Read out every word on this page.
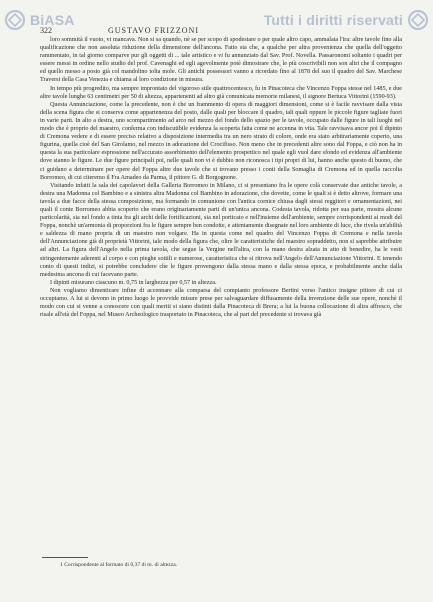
BiASA	Tutti i diritti riservati
322	GUSTAVO FRIZZONI

loro sommità il vuoto, vi mancava. Non si sa quando, nè se per scopo di spodestare o per quale altro capo, ammalata l'ira: altre tavole fino alla qualificazione che non assoluta riduzione della dimensione dell'ancona. Fatto sta che, a qualche per altra provenienza che quella dell'oggetto rammentato, in tal giorno comparve pur gli oggetti di ... tale artistico e vi fu annunziato dal Sav. Prof. Novella. Passaronomi soltanto i quadri per essere messi in ordine nello studio del prof. Cavenaghi ed egli agevolmente potè dimostrare che, le più coscrivibili non son altri che il compagno ed quello messo a posto già col mandolino tolta mole. Gli antichi possessori vanno a ricordato fino al 1878 del suo il quadro del Sav. Marchese Traversi della Casa Venezia e chiama al loro condizione in misura.

In tempo più progredito, ma sempre improntato del vigoroso stile quattrocentesco, fu in Pinacoteca che Vincenzo Foppa stesse nel 1485, e due altre tavole lunghe 63 centimetri per 50 di altezza, appartenenti ad altro già comunicata memorie milanesi, il signore Bertuca Vittorini (1590-93).

Questa Annunciazione, come la precedente, non è che un frammento di opera di maggiori dimensioni, come si è facile ravvisare dalla vista della scena figura che si conserva come appartenenza del posto, dalle quali per bloccare il quadro, tali quali oppure le piccole figure tagliate fuori in varie parti. In alto a destra, uno scompartimento ad arco nel mezzo del fondo dello spazio per le tavole, occupato dalle figure in tali luoghi nel modo che è proprio del maestro, conferma con indiscutibile evidenza la scoperta fatta come ne accenna in vita. Tale ravvisava ancor poi il dipinto di Cremona vedere e di essere preciso relativo a disposizione intermedia tra un nero strato di colore, onde era stato arbitrariamente coperto, una figurina, quella cioè del San Girolamo, nel mezzo in adorazione del Crocifisso. Non meno che in precedenti altre sono dal Foppa, e ciò non ha in questa la sua particolare espressione nell'accurato assorbimento dell'elemento prospettico nel quale egli vuol dare sfondo ed evidenza all'ambiente dove stanno le figure. Le due figure principali poi, nelle quali non vi è dubbio non riconosca i tipi propri di lui, hanno anche questo di buono, che ci guidano a determinare per opere del Foppa altre due tavole che si trovano presso i conti della Somaglia di Cremona ed in quella raccolta Borromeo, di cui citeremo il Fra Amadeo da Parma, il pittore G. di Borgognone.

Visitando infatti la sala dei capolavori della Galleria Borromeo in Milano, ci si presentano fra le opere colà conservate due antiche tavole, a destra una Madonna col Bambino e a sinistra altra Madonna col Bambino in adorazione, che dovette, come le quali si è detto altrove, formare una tavola a due facce della stessa composizione, ma formando in comunione con l'antica cornice chiusa dagli stessi reggitori e ornamentazioni, nei quali il conte Borromeo abbia scoperto che erano originariamente parti di un'unica ancona. Codesta tavola, ridotta per sua parte, mostra alcune particolarità, sia nel fondo a tinta fra gli archi delle fortificazioni, sia nel porticato e nell'insieme dell'ambiente, sempre corrispondenti ai modi del Foppa, nonchè un'armonia di proporzioni fra le figure sempre ben condotte, e attentamente disegnate nel loro ambiente di luce, che rivela un'abilità e saldezza di mano propria di un maestro non volgare. Ha in questa come nel quadro del Vincenzo Foppa di Cremona e nella tavola dell'Annunciazione già di proprietà Vittorini, tale modo della figura che, oltre le caratteristiche del maestro sopraddetto, non si saprebbe attribuire ad altri. La figura dell'Angelo nella prima tavola, che segue la Vergine nell'altra, con la mano destra alzata in atto di benedire, ha le vesti stringentemente aderenti al corpo e con pieghe sottili e numerose, caratteristica che si ritrova nell'Angelo dell'Annunciazione Vittorini. E tenendo conto di questi indizi, si potrebbe concludere che le figure provengono dalla stessa mano e dalla stessa epoca, e probabilmente anche dalla medesima ancona di cui facevano parte.

I dipinti misurano ciascuno m. 0,75 in larghezza per 0,57 in altezza.

Non vogliamo dimenticare infine di accennare alla comparsa del compianto professore Bertini verso l'antico insigne pittore di cui ci occupiamo. A lui si devono in primo luogo le provvide misure prese per salvaguardare diffusamente della invenzione delle sue opere, nonchè il modo con cui si venne a conoscere con quali meriti si siano distinti dalla Pinacoteca di Brera; a lui la buona collocazione di altra affresco, che risale all'età del Foppa, nel Museo Archeologico trasportato in Pinacoteca, che al pari del precedente si trovava già

1 Corrispondente al formato di 0,37 di m. di altezza.
